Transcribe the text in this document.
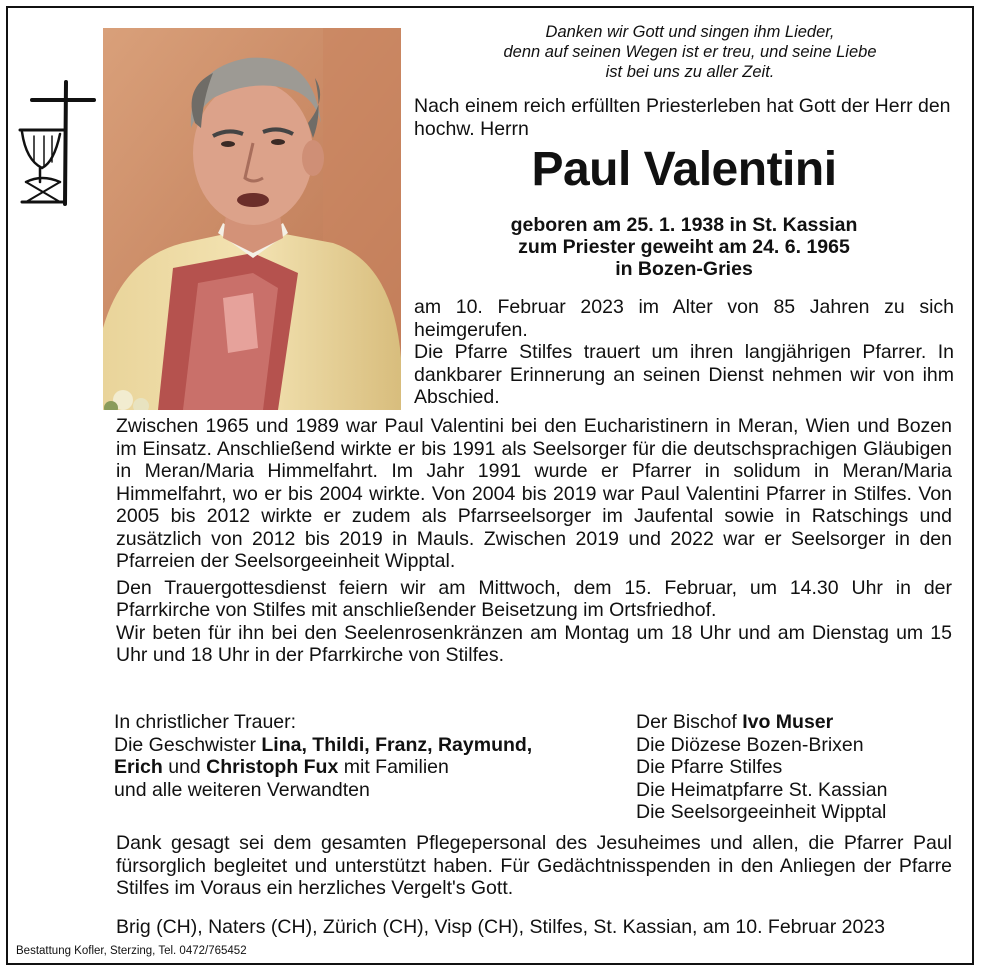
Danken wir Gott und singen ihm Lieder,
denn auf seinen Wegen ist er treu, und seine Liebe
ist bei uns zu aller Zeit.
Nach einem reich erfüllten Priesterleben hat Gott der Herr den hochw. Herrn
Paul Valentini
geboren am 25. 1. 1938 in St. Kassian
zum Priester geweiht am 24. 6. 1965
in Bozen-Gries

am 10. Februar 2023 im Alter von 85 Jahren zu sich heimgerufen.

Die Pfarre Stilfes trauert um ihren langjährigen Pfarrer. In dankbarer Erinnerung an seinen Dienst nehmen wir von ihm Abschied.

Zwischen 1965 und 1989 war Paul Valentini bei den Eucharistinern in Meran, Wien und Bozen im Einsatz. Anschließend wirkte er bis 1991 als Seelsorger für die deutschsprachigen Gläubigen in Meran/Maria Himmelfahrt. Im Jahr 1991 wurde er Pfarrer in solidum in Meran/Maria Himmelfahrt, wo er bis 2004 wirkte. Von 2004 bis 2019 war Paul Valentini Pfarrer in Stilfes. Von 2005 bis 2012 wirkte er zudem als Pfarrseelsorger im Jaufental sowie in Ratschings und zusätzlich von 2012 bis 2019 in Mauls. Zwischen 2019 und 2022 war er Seelsorger in den Pfarreien der Seelsorgeeinheit Wipptal.

Den Trauergottesdienst feiern wir am Mittwoch, dem 15. Februar, um 14.30 Uhr in der Pfarrkirche von Stilfes mit anschließender Beisetzung im Ortsfriedhof.

Wir beten für ihn bei den Seelenrosenkränzen am Montag um 18 Uhr und am Dienstag um 15 Uhr und 18 Uhr in der Pfarrkirche von Stilfes.

In christlicher Trauer:
Die Geschwister Lina, Thildi, Franz, Raymund,
Erich und Christoph Fux mit Familien
und alle weiteren Verwandten
Der Bischof Ivo Muser
Die Diözese Bozen-Brixen
Die Pfarre Stilfes
Die Heimatpfarre St. Kassian
Die Seelsorgeeinheit Wipptal
Dank gesagt sei dem gesamten Pflegepersonal des Jesuheimes und allen, die Pfarrer Paul fürsorglich begleitet und unterstützt haben. Für Gedächtnisspenden in den Anliegen der Pfarre Stilfes im Voraus ein herzliches Vergelt's Gott.
Brig (CH), Naters (CH), Zürich (CH), Visp (CH), Stilfes, St. Kassian, am 10. Februar 2023
Bestattung Kofler, Sterzing, Tel. 0472/765452
